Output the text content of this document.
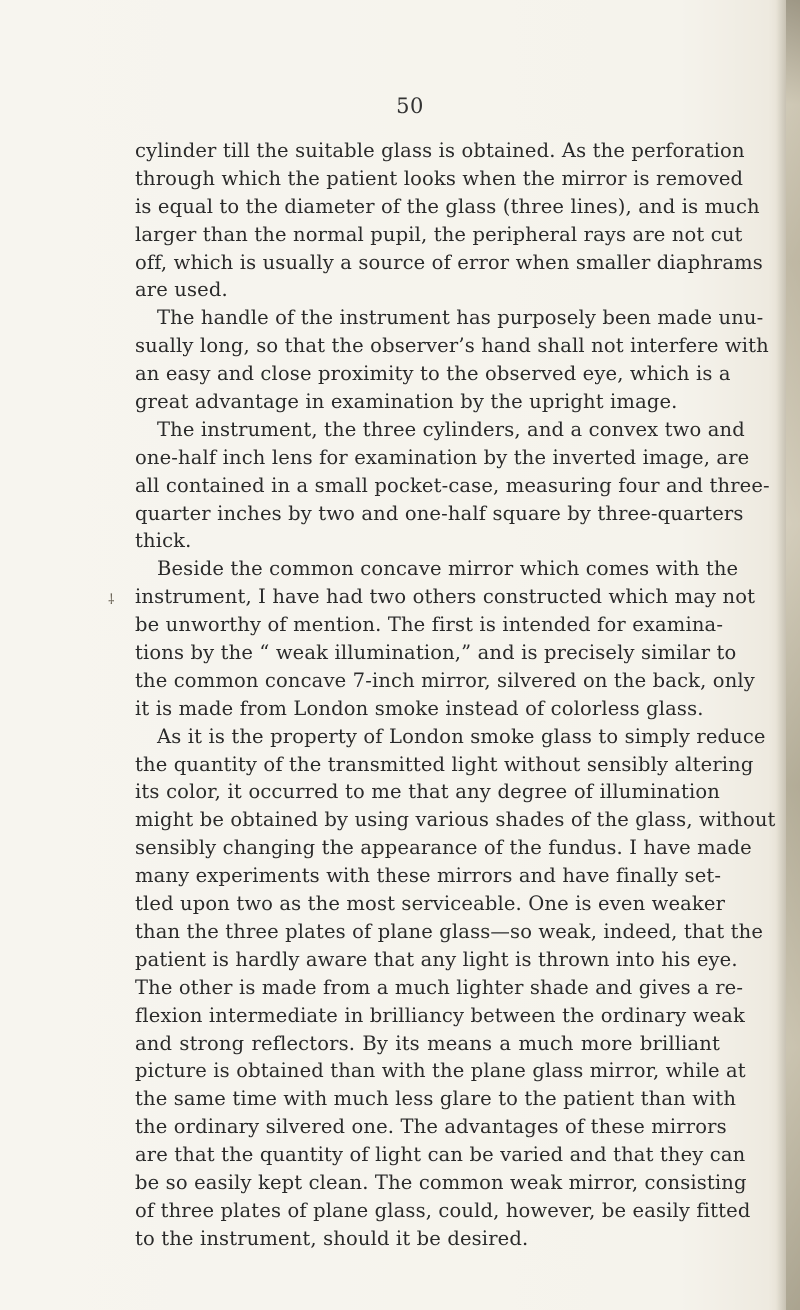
50
⸸
cylinder till the suitable glass is obtained. As the perforation
through which the patient looks when the mirror is removed
is equal to the diameter of the glass (three lines), and is much
larger than the normal pupil, the peripheral rays are not cut
off, which is usually a source of error when smaller diaphrams
are used.
The handle of the instrument has purposely been made unu-
sually long, so that the observer’s hand shall not interfere with
an easy and close proximity to the observed eye, which is a
great advantage in examination by the upright image.
The instrument, the three cylinders, and a convex two and
one-half inch lens for examination by the inverted image, are
all contained in a small pocket-case, measuring four and three-
quarter inches by two and one-half square by three-quarters
thick.
Beside the common concave mirror which comes with the
instrument, I have had two others constructed which may not
be unworthy of mention. The first is intended for examina-
tions by the “ weak illumination,” and is precisely similar to
the common concave 7-inch mirror, silvered on the back, only
it is made from London smoke instead of colorless glass.
As it is the property of London smoke glass to simply reduce
the quantity of the transmitted light without sensibly altering
its color, it occurred to me that any degree of illumination
might be obtained by using various shades of the glass, without
sensibly changing the appearance of the fundus. I have made
many experiments with these mirrors and have finally set-
tled upon two as the most serviceable. One is even weaker
than the three plates of plane glass—so weak, indeed, that the
patient is hardly aware that any light is thrown into his eye.
The other is made from a much lighter shade and gives a re-
flexion intermediate in brilliancy between the ordinary weak
and strong reflectors. By its means a much more brilliant
picture is obtained than with the plane glass mirror, while at
the same time with much less glare to the patient than with
the ordinary silvered one. The advantages of these mirrors
are that the quantity of light can be varied and that they can
be so easily kept clean. The common weak mirror, consisting
of three plates of plane glass, could, however, be easily fitted
to the instrument, should it be desired.
